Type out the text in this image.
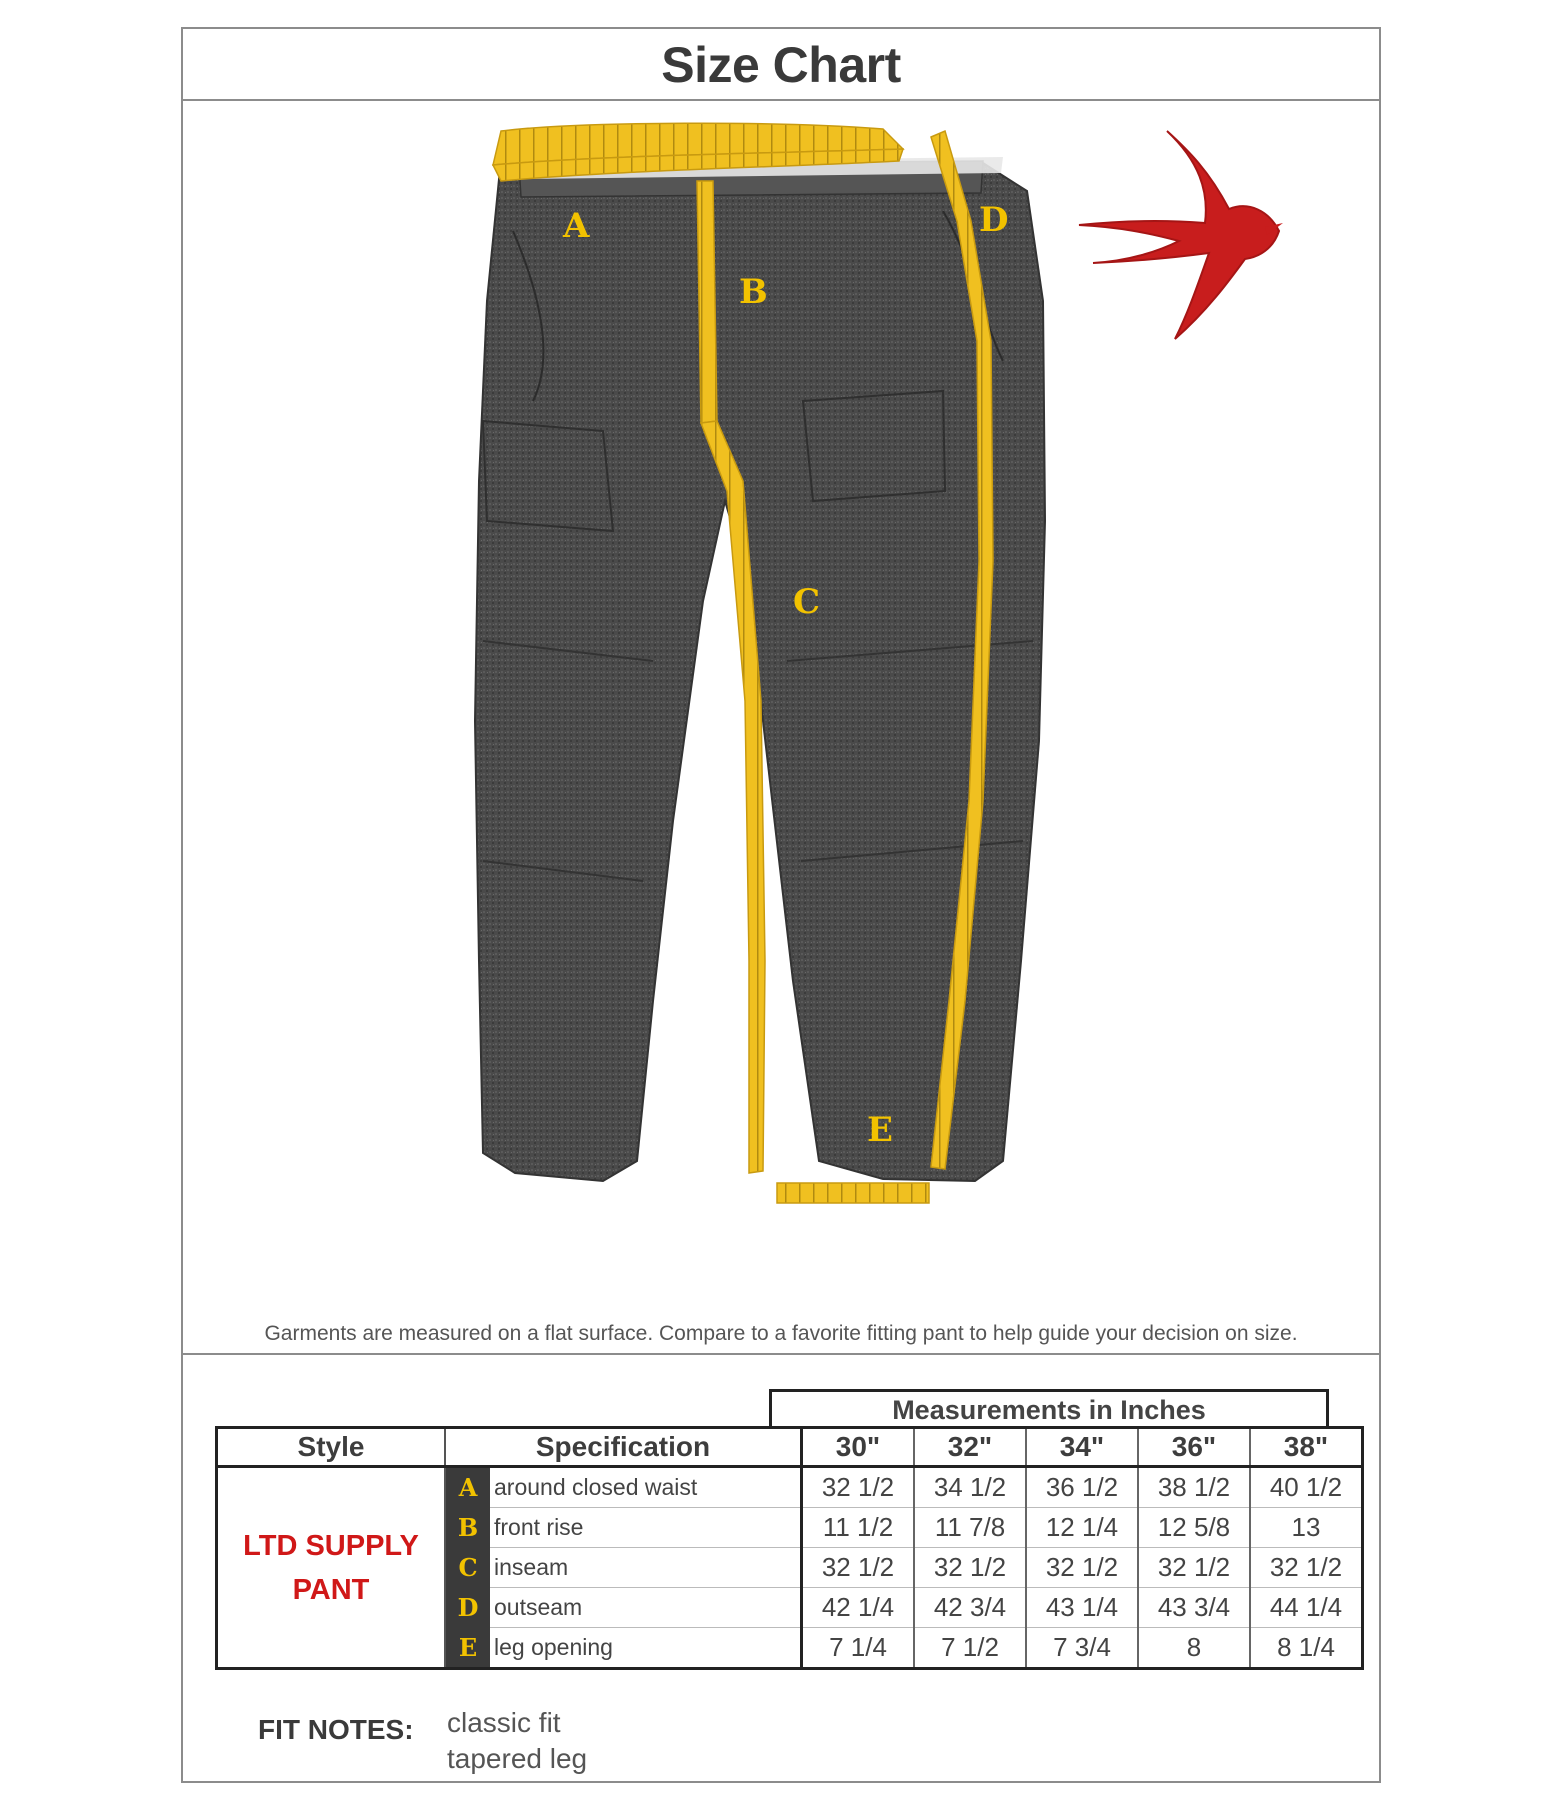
Size Chart
A
B
C
D
E
Garments are measured on a flat surface. Compare to a favorite fitting pant to help guide your decision on size.
Measurements in Inches
Style	Specification		30"	32"	34"	36"	38"
LTD SUPPLY
PANT	A	around closed waist	32 1/2	34 1/2	36 1/2	38 1/2	40 1/2
	B	front rise	11 1/2	11 7/8	12 1/4	12 5/8	13
	C	inseam	32 1/2	32 1/2	32 1/2	32 1/2	32 1/2
	D	outseam	42 1/4	42 3/4	43 1/4	43 3/4	44 1/4
	E	leg opening	7 1/4	7 1/2	7 3/4	8	8 1/4
FIT NOTES: classic fit
tapered leg
